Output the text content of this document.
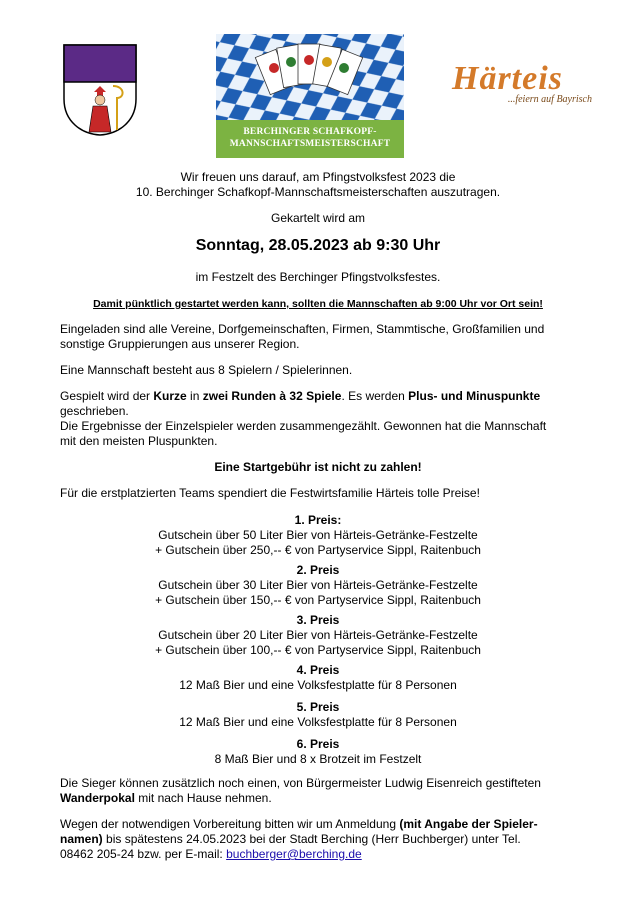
BERCHINGER SCHAFKOPF-
MANNSCHAFTSMEISTERSCHAFT
Härteis
...feiern auf Bayrisch
Wir freuen uns darauf, am Pfingstvolksfest 2023 die
10. Berchinger Schafkopf-Mannschaftsmeisterschaften auszutragen.
Gekartelt wird am
Sonntag, 28.05.2023 ab 9:30 Uhr
im Festzelt des Berchinger Pfingstvolksfestes.
Damit pünktlich gestartet werden kann, sollten die Mannschaften ab 9:00 Uhr vor Ort sein!
Eingeladen sind alle Vereine, Dorfgemeinschaften, Firmen, Stammtische, Großfamilien und
sonstige Gruppierungen aus unserer Region.
Eine Mannschaft besteht aus 8 Spielern / Spielerinnen.
Gespielt wird der Kurze in zwei Runden à 32 Spiele. Es werden Plus- und Minuspunkte
geschrieben.
Die Ergebnisse der Einzelspieler werden zusammengezählt. Gewonnen hat die Mannschaft
mit den meisten Pluspunkten.
Eine Startgebühr ist nicht zu zahlen!
Für die erstplatzierten Teams spendiert die Festwirtsfamilie Härteis tolle Preise!
1. Preis:
Gutschein über 50 Liter Bier von Härteis-Getränke-Festzelte
+ Gutschein über 250,-- € von Partyservice Sippl, Raitenbuch
2. Preis
Gutschein über 30 Liter Bier von Härteis-Getränke-Festzelte
+ Gutschein über 150,-- € von Partyservice Sippl, Raitenbuch
3. Preis
Gutschein über 20 Liter Bier von Härteis-Getränke-Festzelte
+ Gutschein über 100,-- € von Partyservice Sippl, Raitenbuch
4. Preis
12 Maß Bier und eine Volksfestplatte für 8 Personen
5. Preis
12 Maß Bier und eine Volksfestplatte für 8 Personen
6. Preis
8 Maß Bier und 8 x Brotzeit im Festzelt
Die Sieger können zusätzlich noch einen, von Bürgermeister Ludwig Eisenreich gestifteten
Wanderpokal mit nach Hause nehmen.
Wegen der notwendigen Vorbereitung bitten wir um Anmeldung (mit Angabe der Spieler-
namen) bis spätestens 24.05.2023 bei der Stadt Berching (Herr Buchberger) unter Tel.
08462 205-24 bzw. per E-mail: buchberger@berching.de
